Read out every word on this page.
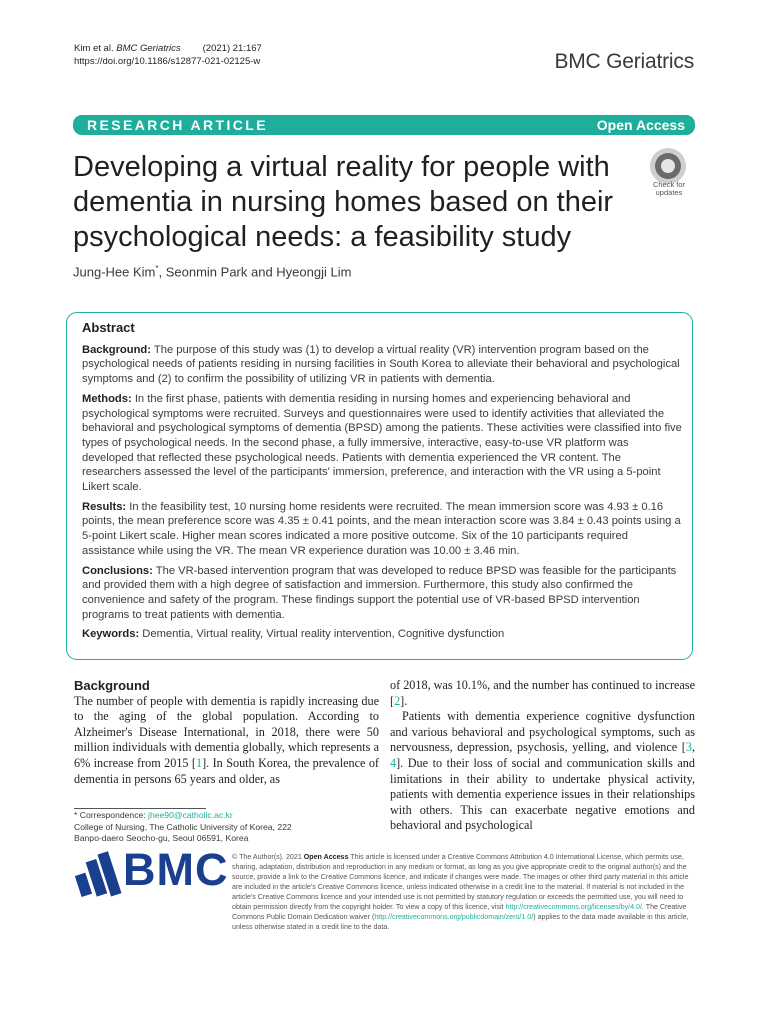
Kim et al. BMC Geriatrics (2021) 21:167
https://doi.org/10.1186/s12877-021-02125-w	BMC Geriatrics
RESEARCH ARTICLE	Open Access
Developing a virtual reality for people with dementia in nursing homes based on their psychological needs: a feasibility study
Check for
updates
Jung-Hee Kim*, Seonmin Park and Hyeongji Lim
Abstract

Background: The purpose of this study was (1) to develop a virtual reality (VR) intervention program based on the psychological needs of patients residing in nursing facilities in South Korea to alleviate their behavioral and psychological symptoms and (2) to confirm the possibility of utilizing VR in patients with dementia.

Methods: In the first phase, patients with dementia residing in nursing homes and experiencing behavioral and psychological symptoms were recruited. Surveys and questionnaires were used to identify activities that alleviated the behavioral and psychological symptoms of dementia (BPSD) among the patients. These activities were classified into five types of psychological needs. In the second phase, a fully immersive, interactive, easy-to-use VR platform was developed that reflected these psychological needs. Patients with dementia experienced the VR content. The researchers assessed the level of the participants' immersion, preference, and interaction with the VR using a 5-point Likert scale.

Results: In the feasibility test, 10 nursing home residents were recruited. The mean immersion score was 4.93 ± 0.16 points, the mean preference score was 4.35 ± 0.41 points, and the mean interaction score was 3.84 ± 0.43 points using a 5-point Likert scale. Higher mean scores indicated a more positive outcome. Six of the 10 participants required assistance while using the VR. The mean VR experience duration was 10.00 ± 3.46 min.

Conclusions: The VR-based intervention program that was developed to reduce BPSD was feasible for the participants and provided them with a high degree of satisfaction and immersion. Furthermore, this study also confirmed the convenience and safety of the program. These findings support the potential use of VR-based BPSD intervention programs to treat patients with dementia.

Keywords: Dementia, Virtual reality, Virtual reality intervention, Cognitive dysfunction

Background

The number of people with dementia is rapidly increasing due to the aging of the global population. According to Alzheimer's Disease International, in 2018, there were 50 million individuals with dementia globally, which represents a 6% increase from 2015 [1]. In South Korea, the prevalence of dementia in persons 65 years and older, as

of 2018, was 10.1%, and the number has continued to increase [2].

Patients with dementia experience cognitive dysfunction and various behavioral and psychological symptoms, such as nervousness, depression, psychosis, yelling, and violence [3, 4]. Due to their loss of social and communication skills and limitations in their ability to undertake physical activity, patients with dementia experience issues in their relationships with others. This can exacerbate negative emotions and behavioral and psychological

* Correspondence: jhee90@catholic.ac.kr
College of Nursing, The Catholic University of Korea, 222 Banpo-daero Seocho-gu, Seoul 06591, Korea
BMC © The Author(s). 2021 Open Access This article is licensed under a Creative Commons Attribution 4.0 International License, which permits use, sharing, adaptation, distribution and reproduction in any medium or format, as long as you give appropriate credit to the original author(s) and the source, provide a link to the Creative Commons licence, and indicate if changes were made. The images or other third party material in this article are included in the article's Creative Commons licence, unless indicated otherwise in a credit line to the material. If material is not included in the article's Creative Commons licence and your intended use is not permitted by statutory regulation or exceeds the permitted use, you will need to obtain permission directly from the copyright holder. To view a copy of this licence, visit http://creativecommons.org/licenses/by/4.0/. The Creative Commons Public Domain Dedication waiver (http://creativecommons.org/publicdomain/zero/1.0/) applies to the data made available in this article, unless otherwise stated in a credit line to the data.
